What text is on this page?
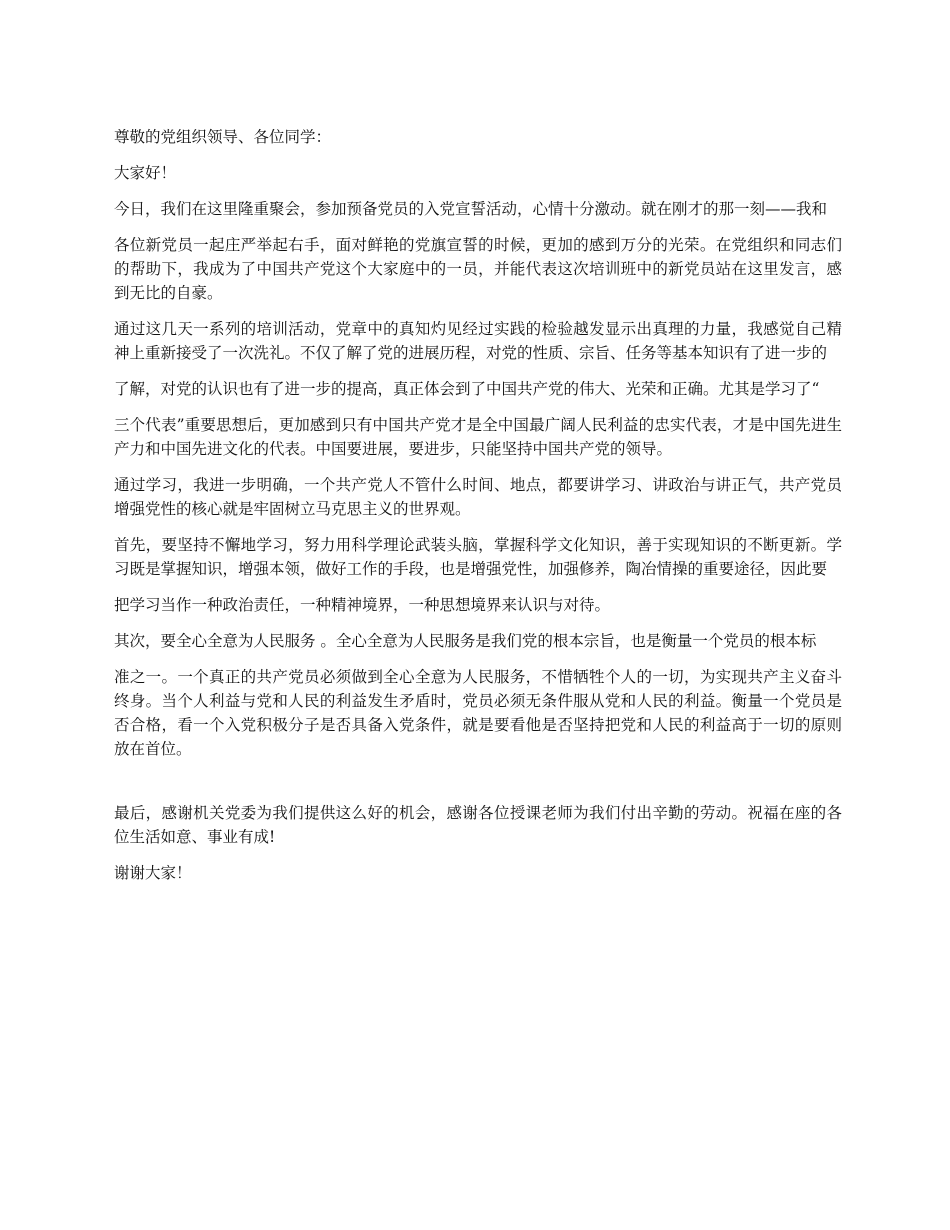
尊敬的党组织领导、各位同学：

大家好！

今日，我们在这里隆重聚会，参加预备党员的入党宣誓活动，心情十分激动。就在刚才的那一刻——我和

各位新党员一起庄严举起右手，面对鲜艳的党旗宣誓的时候，更加的感到万分的光荣。在党组织和同志们的帮助下，我成为了中国共产党这个大家庭中的一员，并能代表这次培训班中的新党员站在这里发言，感 到无比的自豪。

通过这几天一系列的培训活动，党章中的真知灼见经过实践的检验越发显示出真理的力量，我感觉自己精神上重新接受了一次洗礼。不仅了解了党的进展历程，对党的性质、宗旨、任务等基本知识有了进一步的

了解，对党的认识也有了进一步的提高，真正体会到了中国共产党的伟大、光荣和正确。尤其是学习了“

三个代表”重要思想后，更加感到只有中国共产党才是全中国最广阔人民利益的忠实代表，才是中国先进生产力和中国先进文化的代表。中国要进展，要进步，只能坚持中国共产党的领导。

通过学习，我进一步明确，一个共产党人不管什么时间、地点，都要讲学习、讲政治与讲正气，共产党员增强党性的核心就是牢固树立马克思主义的世界观。

首先，要坚持不懈地学习，努力用科学理论武装头脑，掌握科学文化知识，善于实现知识的不断更新。学习既是掌握知识，增强本领，做好工作的手段，也是增强党性，加强修养，陶冶情操的重要途径，因此要

把学习当作一种政治责任，一种精神境界，一种思想境界来认识与对待。

其次，要全心全意为人民服务 。全心全意为人民服务是我们党的根本宗旨，也是衡量一个党员的根本标

准之一。一个真正的共产党员必须做到全心全意为人民服务，不惜牺牲个人的一切，为实现共产主义奋斗终身。当个人利益与党和人民的利益发生矛盾时，党员必须无条件服从党和人民的利益。衡量一个党员是否合格，看一个入党积极分子是否具备入党条件，就是要看他是否坚持把党和人民的利益高于一切的原则放在首位。

最后，感谢机关党委为我们提供这么好的机会，感谢各位授课老师为我们付出辛勤的劳动。祝福在座的各位生活如意、事业有成!

谢谢大家！
